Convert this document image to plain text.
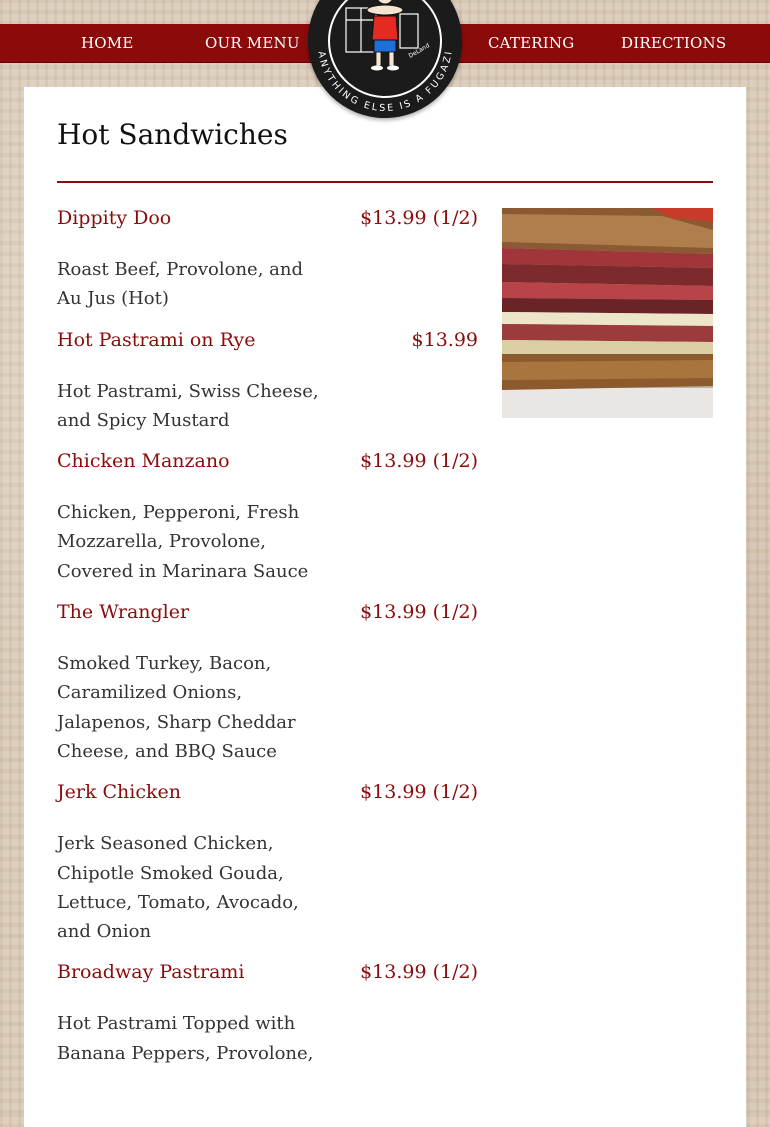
HOME	OUR MENU	CATERING	DIRECTIONS
ANYTHING ELSE IS A FUGAZI
DeLand
Hot Sandwiches
Dippity Doo	$13.99 (1/2)
Roast Beef, Provolone, and Au Jus (Hot)
Hot Pastrami on Rye	$13.99
Hot Pastrami, Swiss Cheese, and Spicy Mustard
Chicken Manzano	$13.99 (1/2)
Chicken, Pepperoni, Fresh Mozzarella, Provolone, Covered in Marinara Sauce
The Wrangler	$13.99 (1/2)
Smoked Turkey, Bacon, Caramilized Onions, Jalapenos, Sharp Cheddar Cheese, and BBQ Sauce
Jerk Chicken	$13.99 (1/2)
Jerk Seasoned Chicken, Chipotle Smoked Gouda, Lettuce, Tomato, Avocado, and Onion
Broadway Pastrami	$13.99 (1/2)
Hot Pastrami Topped with Banana Peppers, Provolone,
